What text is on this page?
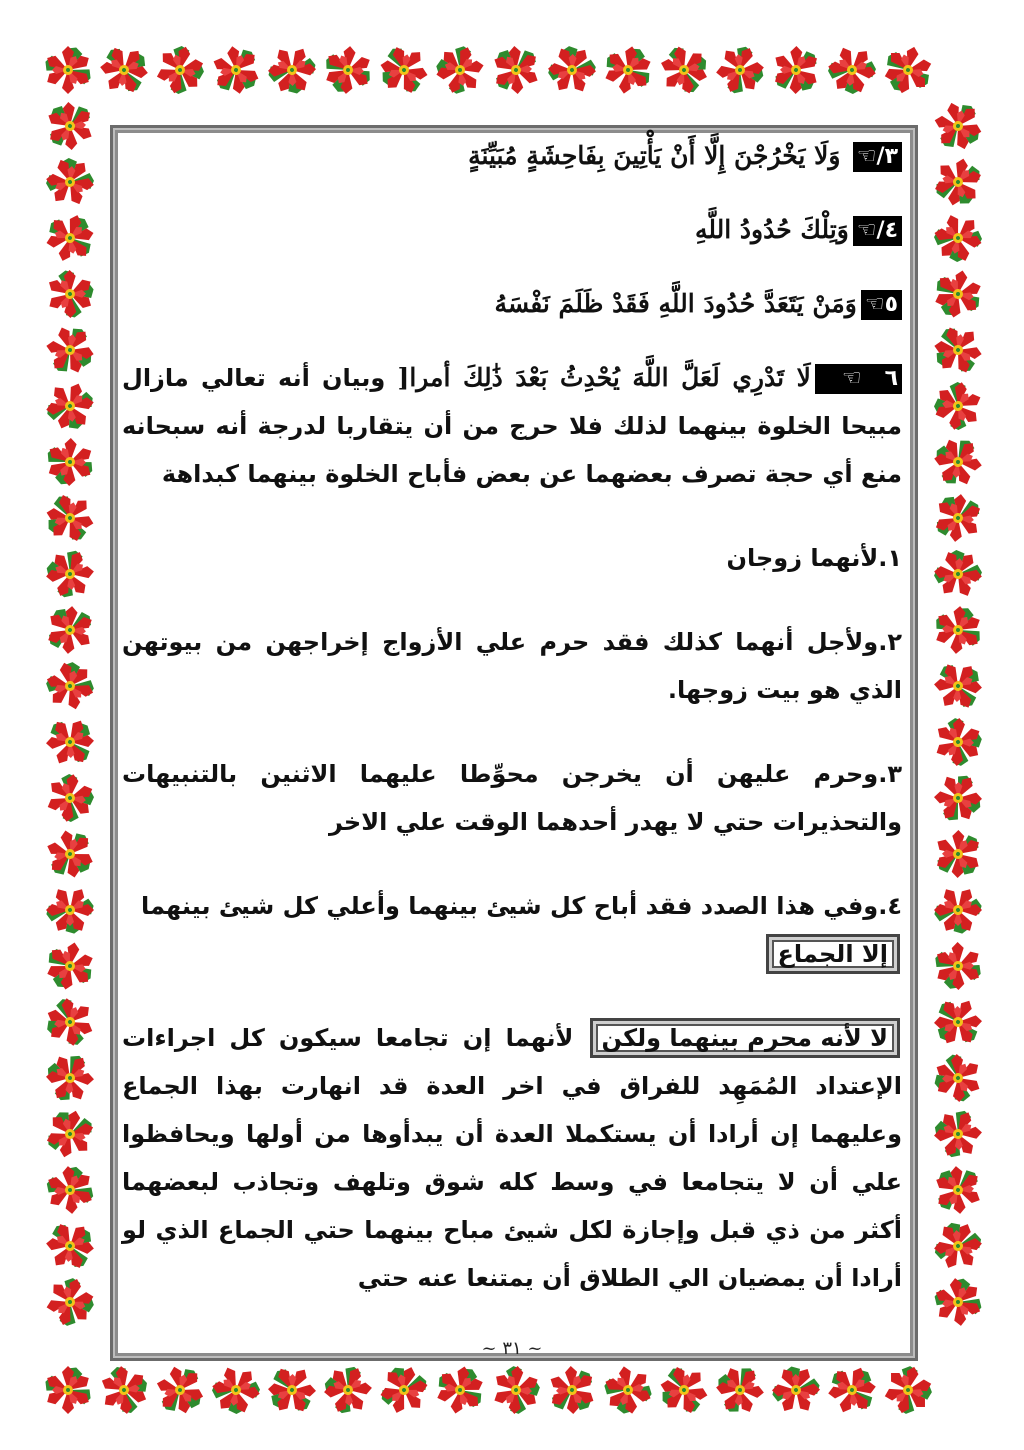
٣/☜ وَلَا يَخْرُجْنَ إِلَّا أَنْ يَأْتِينَ بِفَاحِشَةٍ مُبَيِّنَةٍ
٤/☜وَتِلْكَ حُدُودُ اللَّهِ
٥☜وَمَنْ يَتَعَدَّ حُدُودَ اللَّهِ فَقَدْ ظَلَمَ نَفْسَهُ

٦   ☜   لَا تَدْرِي لَعَلَّ اللَّهَ يُحْدِثُ بَعْدَ ذَٰلِكَ أمرا[ وبيان أنه تعالي مازال مبيحا الخلوة بينهما لذلك فلا حرج من أن يتقاربا لدرجة أنه سبحانه منع أي حجة تصرف بعضهما عن بعض فأباح الخلوة بينهما كبداهة

١.لأنهما زوجان

٢.ولأجل أنهما كذلك فقد حرم علي الأزواج إخراجهن من بيوتهن الذي هو بيت زوجها.

٣.وحرم عليهن أن يخرجن محوِّطا عليهما الاثنين بالتنبيهات والتحذيرات حتي لا يهدر أحدهما الوقت علي الاخر

٤.وفي هذا الصدد فقد أباح كل شيئ بينهما وأعلي كل شيئ بينهما إلا الجماع

لا لأنه محرم بينهما ولكن لأنهما إن تجامعا سيكون كل اجراءات الإعتداد المُمَهِد للفراق في اخر العدة قد انهارت بهذا الجماع وعليهما إن أرادا أن يستكملا العدة أن يبدأوها من أولها ويحافظوا علي أن لا يتجامعا في وسط كله شوق وتلهف وتجاذب لبعضهما أكثر من ذي قبل وإجازة لكل شيئ مباح بينهما حتي الجماع الذي لو أرادا أن يمضيان الي الطلاق أن يمتنعا عنه حتي

~ ٣١ ~
